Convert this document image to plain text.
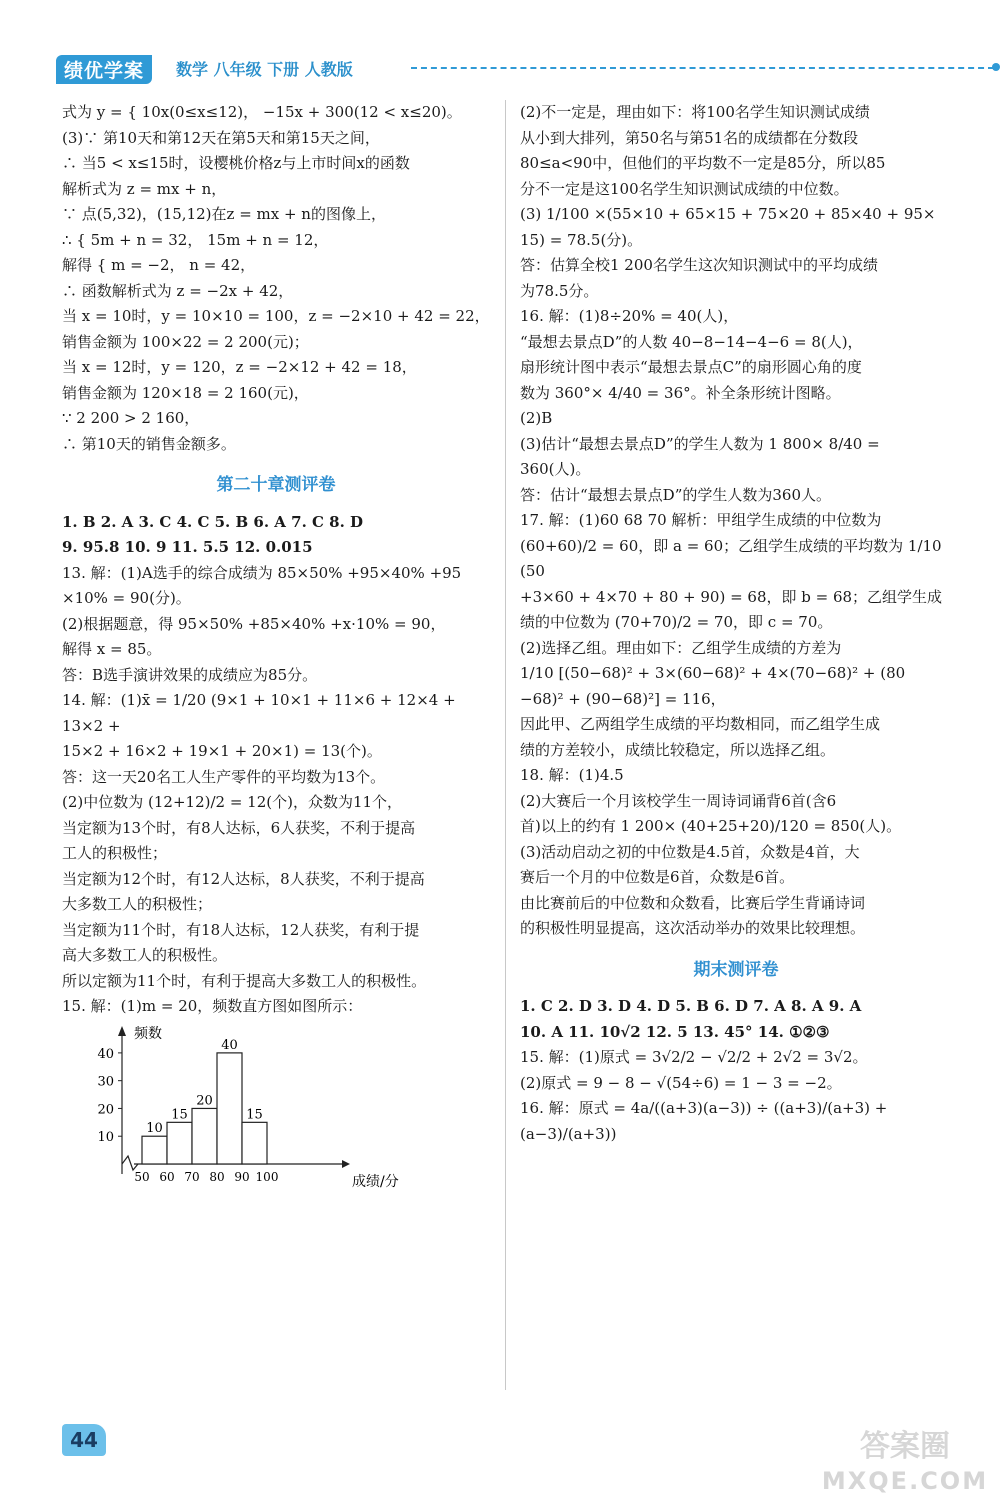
绩优学案	数学 八年级 下册 人教版

式为 y = { 10x(0≤x≤12)， −15x + 300(12 < x≤20)。

(3)∵ 第10天和第12天在第5天和第15天之间，

∴ 当5 < x≤15时，设樱桃价格z与上市时间x的函数

解析式为 z = mx + n，

∵ 点(5,32)，(15,12)在z = mx + n的图像上，

∴ { 5m + n = 32， 15m + n = 12，

解得 { m = −2， n = 42，

∴ 函数解析式为 z = −2x + 42，

当 x = 10时，y = 10×10 = 100，z = −2×10 + 42 = 22，

销售金额为 100×22 = 2 200(元)；

当 x = 12时，y = 120，z = −2×12 + 42 = 18，

销售金额为 120×18 = 2 160(元)，

∵ 2 200 > 2 160，

∴ 第10天的销售金额多。

第二十章测评卷

1. B 2. A 3. C 4. C 5. B 6. A 7. C 8. D

9. 95.8 10. 9 11. 5.5 12. 0.015

13. 解：(1)A选手的综合成绩为 85×50% +95×40% +95

×10% = 90(分)。

(2)根据题意，得 95×50% +85×40% +x·10% = 90，

解得 x = 85。

答：B选手演讲效果的成绩应为85分。

14. 解：(1)x̄ = 1/20 (9×1 + 10×1 + 11×6 + 12×4 + 13×2 +

15×2 + 16×2 + 19×1 + 20×1) = 13(个)。

答：这一天20名工人生产零件的平均数为13个。

(2)中位数为 (12+12)/2 = 12(个)，众数为11个，

当定额为13个时，有8人达标，6人获奖，不利于提高

工人的积极性；

当定额为12个时，有12人达标，8人获奖，不利于提高

大多数工人的积极性；

当定额为11个时，有18人达标，12人获奖，有利于提

高大多数工人的积极性。

所以定额为11个时，有利于提高大多数工人的积极性。

15. 解：(1)m = 20，频数直方图如图所示：

10
20
30
40
频数
50 60 70 80 90 100	成绩/分
10
15
20
40
15

(2)不一定是，理由如下：将100名学生知识测试成绩

从小到大排列，第50名与第51名的成绩都在分数段

80≤a<90中，但他们的平均数不一定是85分，所以85

分不一定是这100名学生知识测试成绩的中位数。

(3) 1/100 ×(55×10 + 65×15 + 75×20 + 85×40 + 95×

15) = 78.5(分)。

答：估算全校1 200名学生这次知识测试中的平均成绩

为78.5分。

16. 解：(1)8÷20% = 40(人)，

“最想去景点D”的人数 40−8−14−4−6 = 8(人)，

扇形统计图中表示“最想去景点C”的扇形圆心角的度

数为 360°× 4/40 = 36°。补全条形统计图略。

(2)B

(3)估计“最想去景点D”的学生人数为 1 800× 8/40 =

360(人)。

答：估计“最想去景点D”的学生人数为360人。

17. 解：(1)60 68 70 解析：甲组学生成绩的中位数为

(60+60)/2 = 60，即 a = 60；乙组学生成绩的平均数为 1/10 (50

+3×60 + 4×70 + 80 + 90) = 68，即 b = 68；乙组学生成

绩的中位数为 (70+70)/2 = 70，即 c = 70。

(2)选择乙组。理由如下：乙组学生成绩的方差为

1/10 [(50−68)² + 3×(60−68)² + 4×(70−68)² + (80

−68)² + (90−68)²] = 116，

因此甲、乙两组学生成绩的平均数相同，而乙组学生成

绩的方差较小，成绩比较稳定，所以选择乙组。

18. 解：(1)4.5

(2)大赛后一个月该校学生一周诗词诵背6首(含6

首)以上的约有 1 200× (40+25+20)/120 = 850(人)。

(3)活动启动之初的中位数是4.5首，众数是4首，大

赛后一个月的中位数是6首，众数是6首。

由比赛前后的中位数和众数看，比赛后学生背诵诗词

的积极性明显提高，这次活动举办的效果比较理想。

期末测评卷

1. C 2. D 3. D 4. D 5. B 6. D 7. A 8. A 9. A

10. A 11. 10√2 12. 5 13. 45° 14. ①②③

15. 解：(1)原式 = 3√2/2 − √2/2 + 2√2 = 3√2。

(2)原式 = 9 − 8 − √(54÷6) = 1 − 3 = −2。

16. 解：原式 = 4a/((a+3)(a−3)) ÷ ((a+3)/(a+3) + (a−3)/(a+3))

44	答案圈
MXQE.COM
